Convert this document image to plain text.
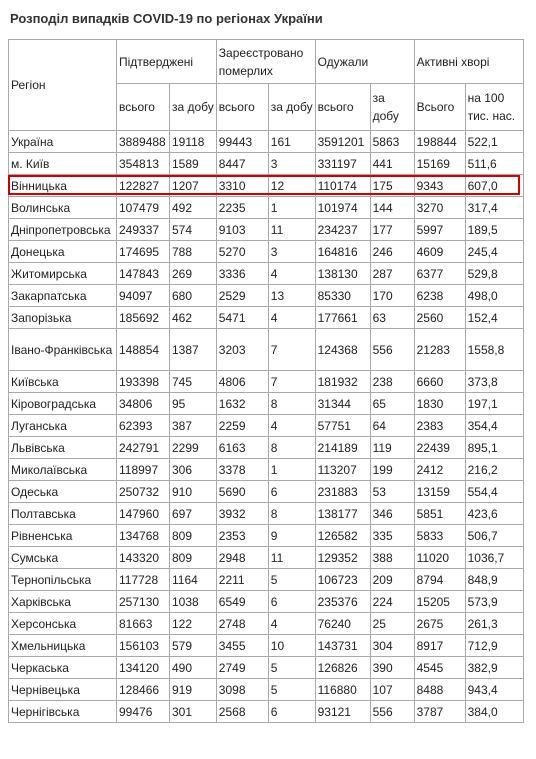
Розподіл випадків COVID-19 по регіонах України
Регіон	Підтверджені		Зареєстровано померлих		Одужали		Активні хворі	
	всього	за добу	всього	за добу	всього	за добу	Всього	на 100 тис. нас.
Україна	3889488	19118	99443	161	3591201	5863	198844	522,1
м. Київ	354813	1589	8447	3	331197	441	15169	511,6
Вінницька	122827	1207	3310	12	110174	175	9343	607,0
Волинська	107479	492	2235	1	101974	144	3270	317,4
Дніпропетровська	249337	574	9103	11	234237	177	5997	189,5
Донецька	174695	788	5270	3	164816	246	4609	245,4
Житомирська	147843	269	3336	4	138130	287	6377	529,8
Закарпатська	94097	680	2529	13	85330	170	6238	498,0
Запорізька	185692	462	5471	4	177661	63	2560	152,4
Івано-Франківська	148854	1387	3203	7	124368	556	21283	1558,8
Київська	193398	745	4806	7	181932	238	6660	373,8
Кіровоградська	34806	95	1632	8	31344	65	1830	197,1
Луганська	62393	387	2259	4	57751	64	2383	354,4
Львівська	242791	2299	6163	8	214189	119	22439	895,1
Миколаївська	118997	306	3378	1	113207	199	2412	216,2
Одеська	250732	910	5690	6	231883	53	13159	554,4
Полтавська	147960	697	3932	8	138177	346	5851	423,6
Рівненська	134768	809	2353	9	126582	335	5833	506,7
Сумська	143320	809	2948	11	129352	388	11020	1036,7
Тернопільська	117728	1164	2211	5	106723	209	8794	848,9
Харківська	257130	1038	6549	6	235376	224	15205	573,9
Херсонська	81663	122	2748	4	76240	25	2675	261,3
Хмельницька	156103	579	3455	10	143731	304	8917	712,9
Черкаська	134120	490	2749	5	126826	390	4545	382,9
Чернівецька	128466	919	3098	5	116880	107	8488	943,4
Чернігівська	99476	301	2568	6	93121	556	3787	384,0
